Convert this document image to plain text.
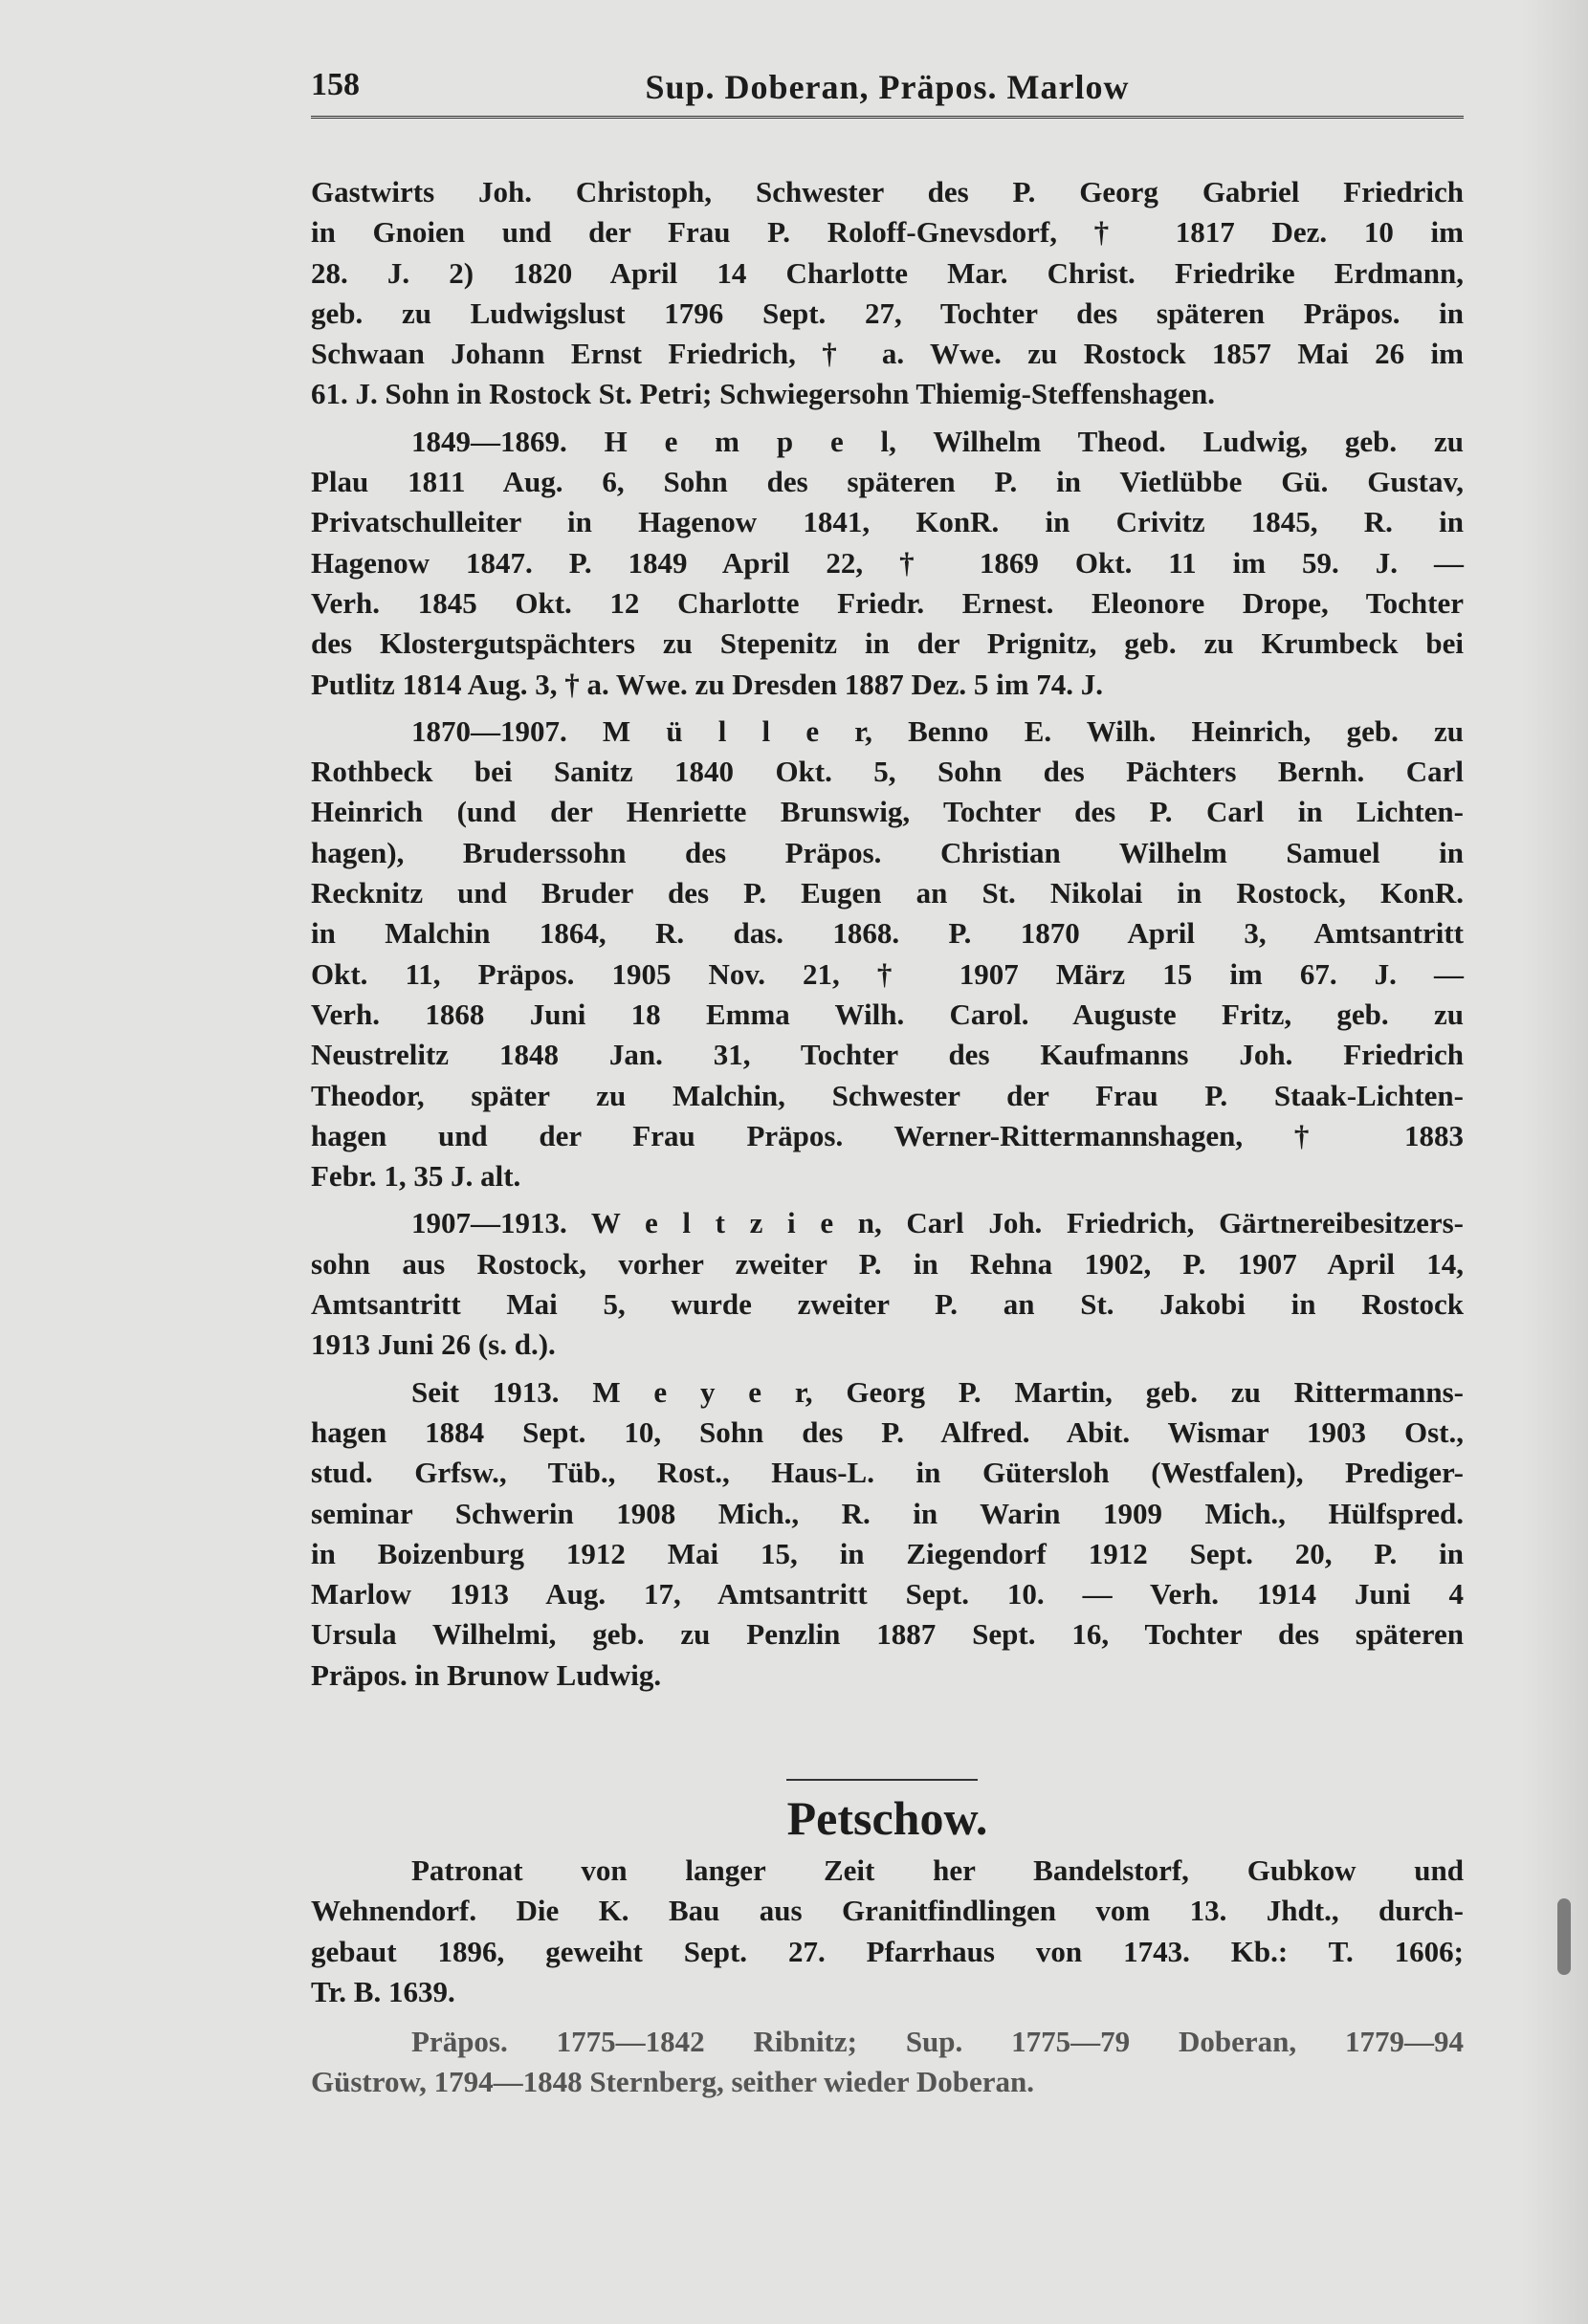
158	Sup. Doberan, Präpos. Marlow
Gastwirts Joh. Christoph, Schwester des P. Georg Gabriel Friedrich
in Gnoien und der Frau P. Roloff-Gnevsdorf, † 1817 Dez. 10 im
28. J. 2) 1820 April 14 Charlotte Mar. Christ. Friedrike Erdmann,
geb. zu Ludwigslust 1796 Sept. 27, Tochter des späteren Präpos. in
Schwaan Johann Ernst Friedrich, † a. Wwe. zu Rostock 1857 Mai 26 im
61. J. Sohn in Rostock St. Petri; Schwiegersohn Thiemig-Steffenshagen.
1849—1869. H e m p e l, Wilhelm Theod. Ludwig, geb. zu
Plau 1811 Aug. 6, Sohn des späteren P. in Vietlübbe Gü. Gustav,
Privatschulleiter in Hagenow 1841, KonR. in Crivitz 1845, R. in
Hagenow 1847. P. 1849 April 22, † 1869 Okt. 11 im 59. J. —
Verh. 1845 Okt. 12 Charlotte Friedr. Ernest. Eleonore Drope, Tochter
des Klostergutspächters zu Stepenitz in der Prignitz, geb. zu Krumbeck bei
Putlitz 1814 Aug. 3, † a. Wwe. zu Dresden 1887 Dez. 5 im 74. J.
1870—1907. M ü l l e r, Benno E. Wilh. Heinrich, geb. zu
Rothbeck bei Sanitz 1840 Okt. 5, Sohn des Pächters Bernh. Carl
Heinrich (und der Henriette Brunswig, Tochter des P. Carl in Lichten-
hagen), Bruderssohn des Präpos. Christian Wilhelm Samuel in
Recknitz und Bruder des P. Eugen an St. Nikolai in Rostock, KonR.
in Malchin 1864, R. das. 1868. P. 1870 April 3, Amtsantritt
Okt. 11, Präpos. 1905 Nov. 21, † 1907 März 15 im 67. J. —
Verh. 1868 Juni 18 Emma Wilh. Carol. Auguste Fritz, geb. zu
Neustrelitz 1848 Jan. 31, Tochter des Kaufmanns Joh. Friedrich
Theodor, später zu Malchin, Schwester der Frau P. Staak-Lichten-
hagen und der Frau Präpos. Werner-Rittermannshagen, † 1883
Febr. 1, 35 J. alt.
1907—1913. W e l t z i e n, Carl Joh. Friedrich, Gärtnereibesitzers-
sohn aus Rostock, vorher zweiter P. in Rehna 1902, P. 1907 April 14,
Amtsantritt Mai 5, wurde zweiter P. an St. Jakobi in Rostock
1913 Juni 26 (s. d.).
Seit 1913. M e y e r, Georg P. Martin, geb. zu Rittermanns-
hagen 1884 Sept. 10, Sohn des P. Alfred. Abit. Wismar 1903 Ost.,
stud. Grfsw., Tüb., Rost., Haus-L. in Gütersloh (Westfalen), Prediger-
seminar Schwerin 1908 Mich., R. in Warin 1909 Mich., Hülfspred.
in Boizenburg 1912 Mai 15, in Ziegendorf 1912 Sept. 20, P. in
Marlow 1913 Aug. 17, Amtsantritt Sept. 10. — Verh. 1914 Juni 4
Ursula Wilhelmi, geb. zu Penzlin 1887 Sept. 16, Tochter des späteren
Präpos. in Brunow Ludwig.
Petschow.
Patronat von langer Zeit her Bandelstorf, Gubkow und
Wehnendorf. Die K. Bau aus Granitfindlingen vom 13. Jhdt., durch-
gebaut 1896, geweiht Sept. 27. Pfarrhaus von 1743. Kb.: T. 1606;
Tr. B. 1639.
Präpos. 1775—1842 Ribnitz; Sup. 1775—79 Doberan, 1779—94
Güstrow, 1794—1848 Sternberg, seither wieder Doberan.
